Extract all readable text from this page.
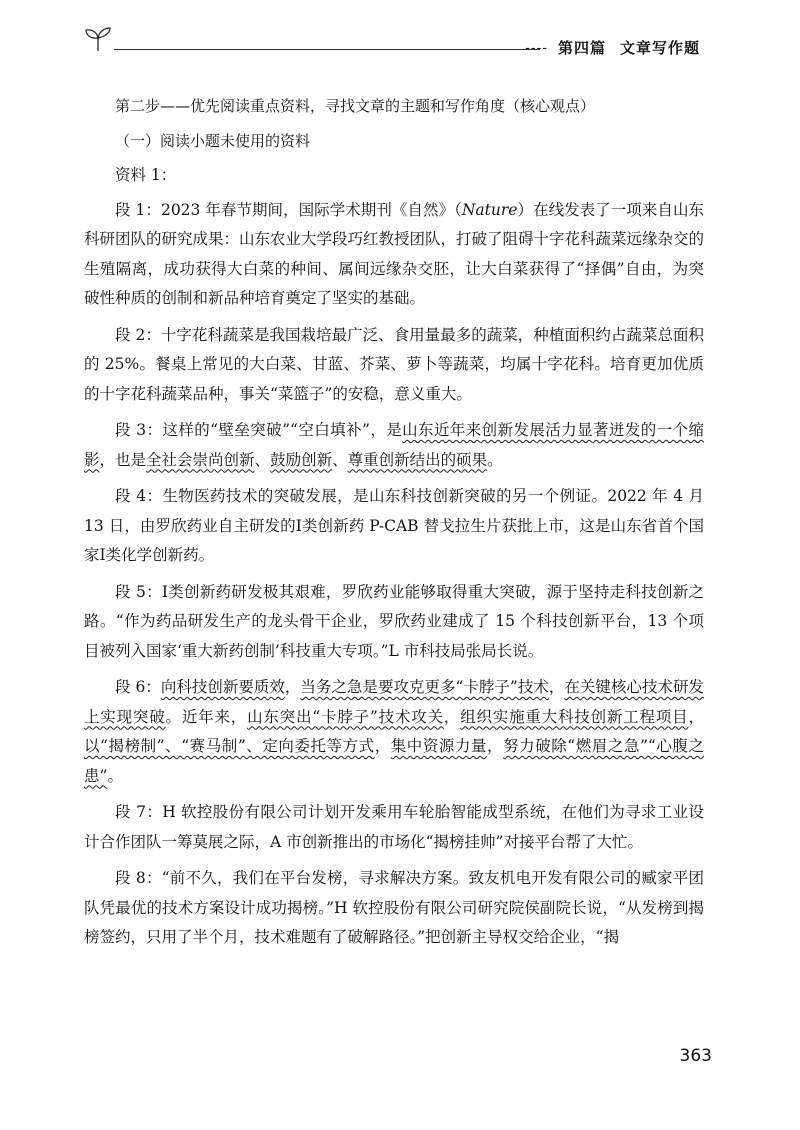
---- 第四篇 文章写作题

第二步——优先阅读重点资料，寻找文章的主题和写作角度（核心观点）

（一）阅读小题未使用的资料

资料 1：

段 1：2023 年春节期间，国际学术期刊《自然》（Nature）在线发表了一项来自山东科研团队的研究成果：山东农业大学段巧红教授团队，打破了阻碍十字花科蔬菜远缘杂交的生殖隔离，成功获得大白菜的种间、属间远缘杂交胚，让大白菜获得了“择偶”自由，为突破性种质的创制和新品种培育奠定了坚实的基础。

段 2：十字花科蔬菜是我国栽培最广泛、食用量最多的蔬菜，种植面积约占蔬菜总面积的 25%。餐桌上常见的大白菜、甘蓝、芥菜、萝卜等蔬菜，均属十字花科。培育更加优质的十字花科蔬菜品种，事关“菜篮子”的安稳，意义重大。

段 3：这样的“壁垒突破”“空白填补”，是山东近年来创新发展活力显著迸发的一个缩影，也是全社会崇尚创新、鼓励创新、尊重创新结出的硕果。

段 4：生物医药技术的突破发展，是山东科技创新突破的另一个例证。2022 年 4 月 13 日，由罗欣药业自主研发的Ⅰ类创新药 P-CAB 替戈拉生片获批上市，这是山东省首个国家Ⅰ类化学创新药。

段 5：Ⅰ类创新药研发极其艰难，罗欣药业能够取得重大突破，源于坚持走科技创新之路。“作为药品研发生产的龙头骨干企业，罗欣药业建成了 15 个科技创新平台，13 个项目被列入国家‘重大新药创制’科技重大专项。”L 市科技局张局长说。

段 6：向科技创新要质效，当务之急是要攻克更多“卡脖子”技术，在关键核心技术研发上实现突破。近年来，山东突出“卡脖子”技术攻关，组织实施重大科技创新工程项目，以“揭榜制”、“赛马制”、定向委托等方式，集中资源力量，努力破除“燃眉之急”“心腹之患”。

段 7：H 软控股份有限公司计划开发乘用车轮胎智能成型系统，在他们为寻求工业设计合作团队一筹莫展之际，A 市创新推出的市场化“揭榜挂帅”对接平台帮了大忙。

段 8：“前不久，我们在平台发榜，寻求解决方案。致友机电开发有限公司的臧家平团队凭最优的技术方案设计成功揭榜。”H 软控股份有限公司研究院侯副院长说，“从发榜到揭榜签约，只用了半个月，技术难题有了破解路径。”把创新主导权交给企业，“揭

363
